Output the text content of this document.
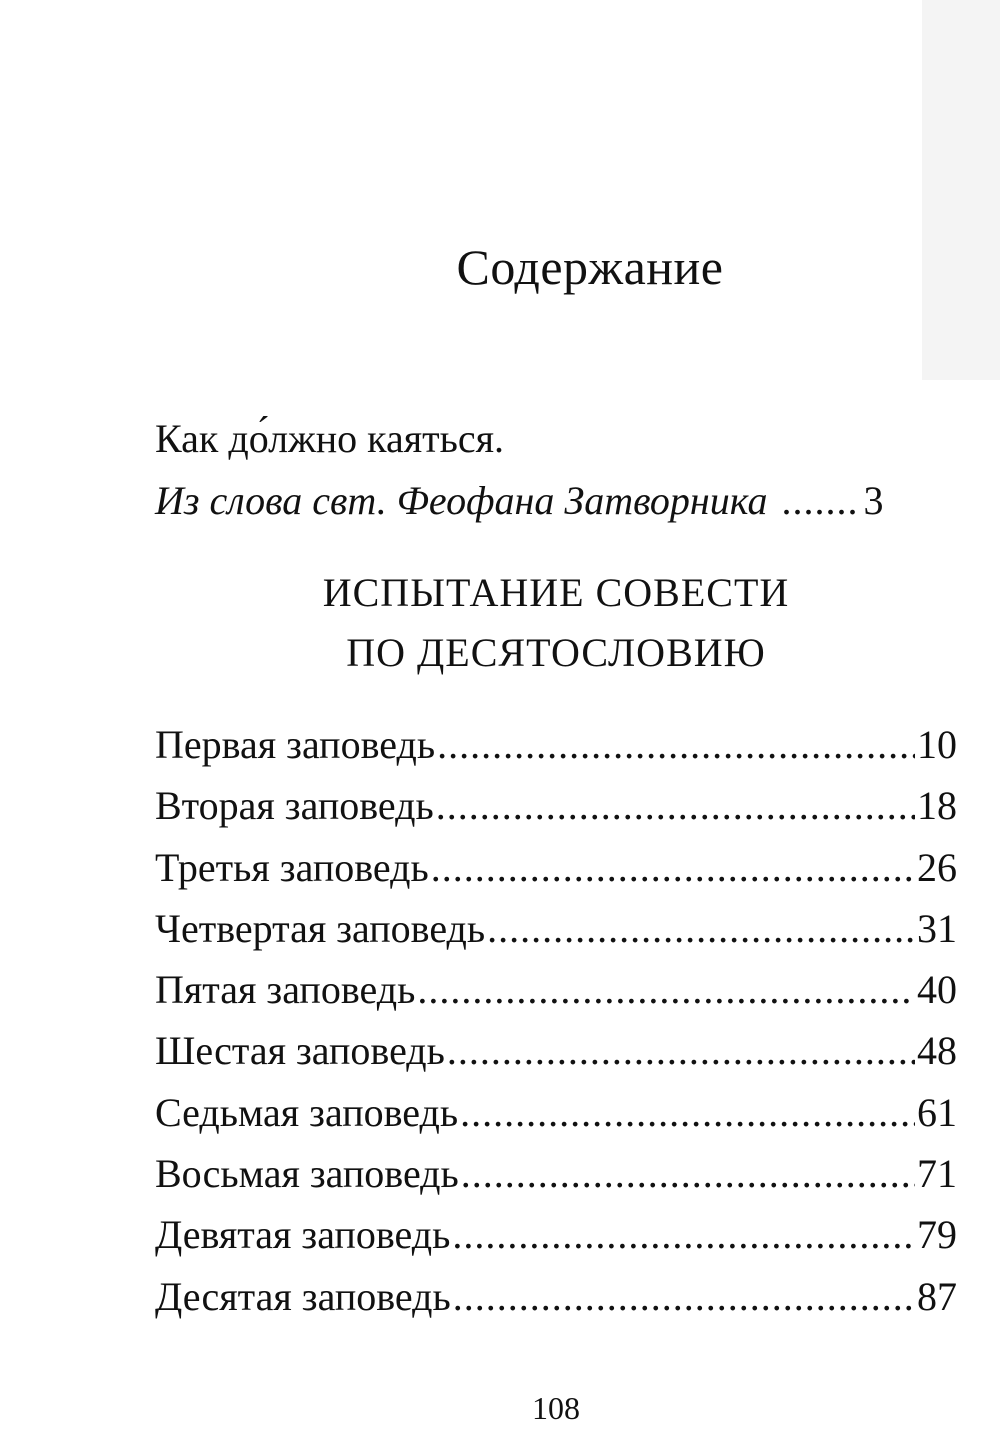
Содержание
Как до́лжно каяться.
Из слова свт. Феофана Затворника ..... 3
ИСПЫТАНИЕ СОВЕСТИ
ПО ДЕСЯТОСЛОВИЮ
Первая заповедь .....	10
Вторая заповедь .....	18
Третья заповедь .....	26
Четвертая заповедь .....	31
Пятая заповедь .....	40
Шестая заповедь .....	48
Седьмая заповедь .....	61
Восьмая заповедь .....	71
Девятая заповедь .....	79
Десятая заповедь .....	87
108
